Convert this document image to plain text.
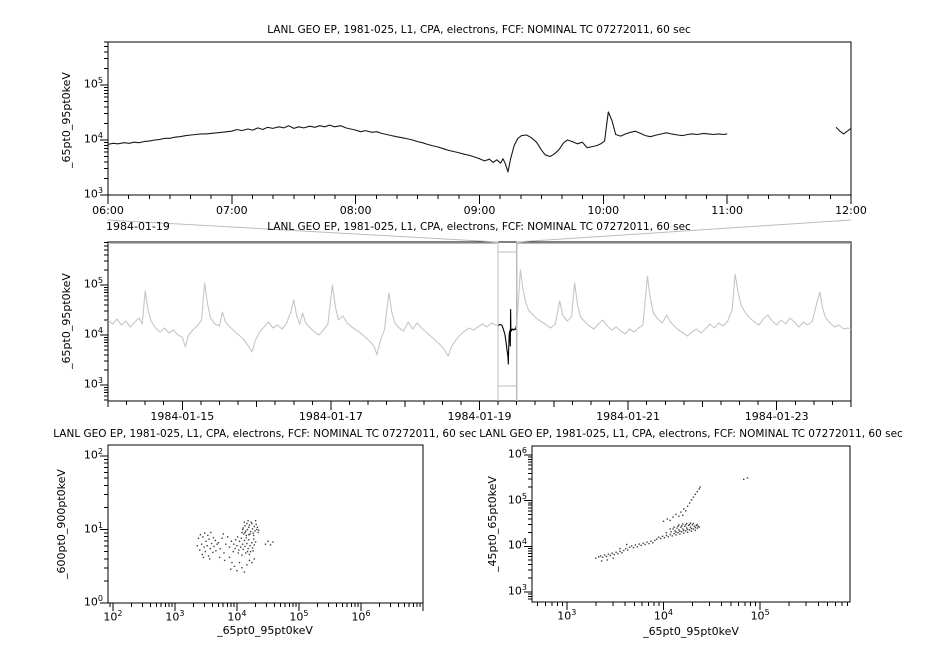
LANL GEO EP, 1981-025, L1, CPA, electrons, FCF: NOMINAL TC 07272011, 60 sec
1984-01-19	LANL GEO EP, 1981-025, L1, CPA, electrons, FCF: NOMINAL TC 07272011, 60 sec
LANL GEO EP, 1981-025, L1, CPA, electrons, FCF: NOMINAL TC 07272011, 60 sec LANL GEO EP, 1981-025, L1, CPA, electrons, FCF: NOMINAL TC 07272011, 60 sec
_65pt0_95pt0keV
_65pt0_95pt0keV
_600pt0_900pt0keV	_45pt0_65pt0keV
_65pt0_95pt0keV	_65pt0_95pt0keV
$10^3$
$10^4$
$10^5$
06:00	07:00	08:00	09:00	10:00	11:00	12:00
$10^3$
$10^4$
$10^5$
1984-01-15	1984-01-17	1984-01-19	1984-01-21	1984-01-23
$10^0$
$10^1$
$10^2$
$10^2$	$10^3$	$10^4$	$10^5$	$10^6$
$10^3$
$10^4$
$10^5$
$10^6$
$10^3$	$10^4$	$10^5$
